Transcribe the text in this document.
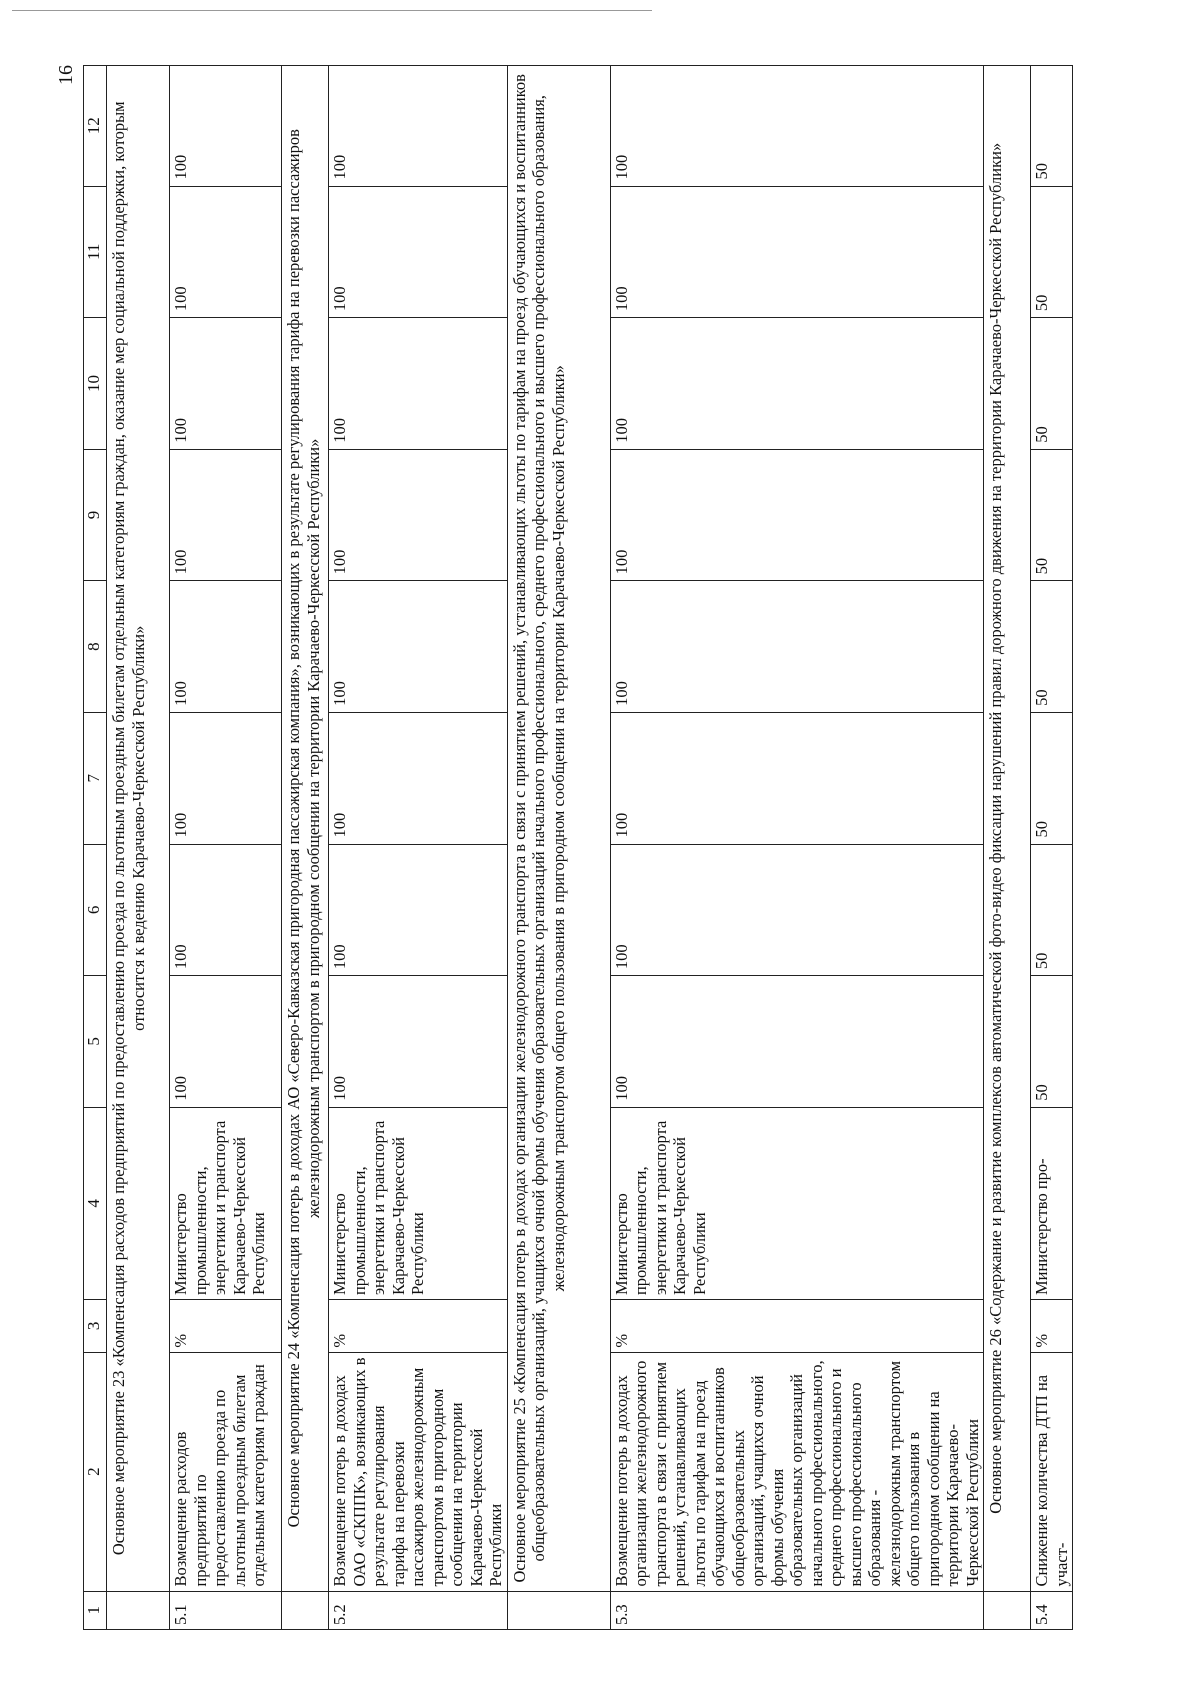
16
1	2	3	4	5	6	7	8	9	10	11	12
	Основное мероприятие 23 «Компенсация расходов предприятий по предоставлению проезда по льготным проездным билетам отдельным категориям граждан, оказание мер социальной поддержки, которым относится к ведению Карачаево-Черкесской Республики»										
5.1	Возмещение расходов предприятий по предоставлению проезда по льготным проездным билетам отдельным категориям граждан	%	Министерство промышленности, энергетики и транспорта Карачаево-Черкесской Республики	100	100	100	100	100	100	100	100
	Основное мероприятие 24 «Компенсация потерь в доходах АО «Северо-Кавказская пригородная пассажирская компания», возникающих в результате регулирования тарифа на перевозки пассажиров железнодорожным транспортом в пригородном сообщении на территории Карачаево-Черкесской Республики»										
5.2	Возмещение потерь в доходах ОАО «СКППК», возникающих в результате регулирования тарифа на перевозки пассажиров железнодорожным транспортом в пригородном сообщении на территории Карачаево-Черкесской Республики	%	Министерство промышленности, энергетики и транспорта Карачаево-Черкесской Республики	100	100	100	100	100	100	100	100
	Основное мероприятие 25 «Компенсация потерь в доходах организации железнодорожного транспорта в связи с принятием решений, устанавливающих льготы по тарифам на проезд обучающихся и воспитанников общеобразовательных организаций, учащихся очной формы обучения образовательных организаций начального профессионального, среднего профессионального и высшего профессионального образования, железнодорожным транспортом общего пользования в пригородном сообщении на территории Карачаево-Черкесской Республики»										
5.3	Возмещение потерь в доходах организации железнодорожного транспорта в связи с принятием решений, устанавливающих льготы по тарифам на проезд обучающихся и воспитанников общеобразовательных организаций, учащихся очной формы обучения образовательных организаций начального профессионального, среднего профессионального и высшего профессионального образования - железнодорожным транспортом общего пользования в пригородном сообщении на территории Карачаево-Черкесской Республики	%	Министерство промышленности, энергетики и транспорта Карачаево-Черкесской Республики	100	100	100	100	100	100	100	100
	Основное мероприятие 26 «Содержание и развитие комплексов автоматической фото-видео фиксации нарушений правил дорожного движения на территории Карачаево-Черкесской Республики»										
5.4	Снижение количества ДТП на участ-	%	Министерство про-	50	50	50	50	50	50	50	50
